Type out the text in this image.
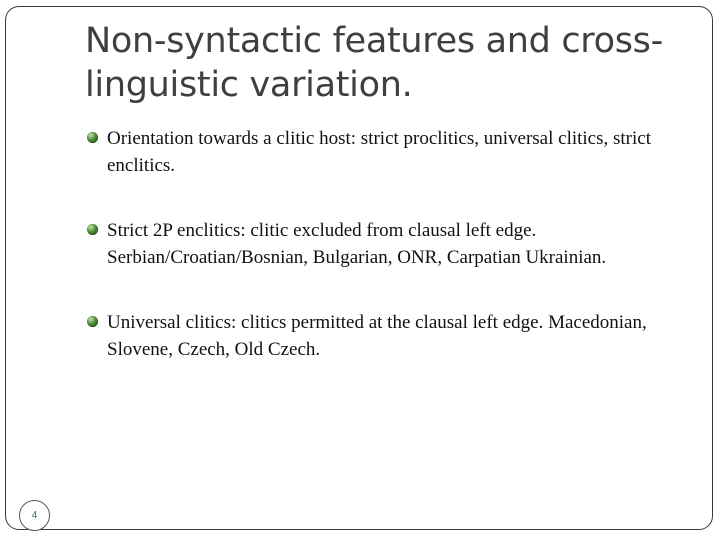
Non-syntactic features and cross-linguistic variation.
Orientation towards a clitic host: strict proclitics, universal clitics, strict enclitics.
Strict 2P enclitics: clitic excluded from clausal left edge. Serbian/Croatian/Bosnian, Bulgarian, ONR, Carpatian Ukrainian.
Universal clitics: clitics permitted at the clausal left edge. Macedonian, Slovene, Czech, Old Czech.
4
